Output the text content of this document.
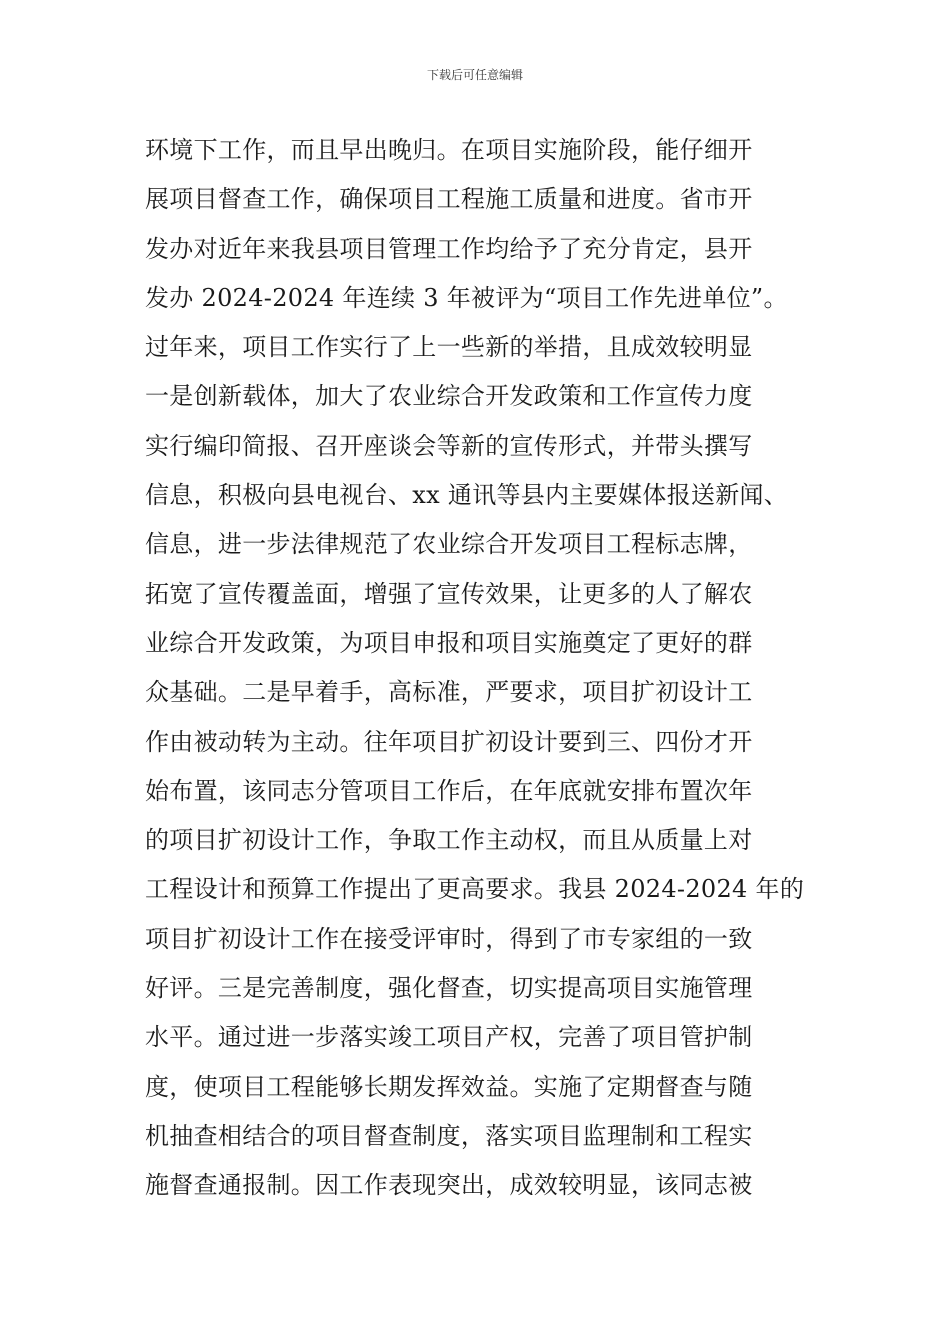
下载后可任意编辑
环境下工作，而且早出晚归。在项目实施阶段，能仔细开
展项目督查工作，确保项目工程施工质量和进度。省市开
发办对近年来我县项目管理工作均给予了充分肯定，县开
发办 2024-2024 年连续 3 年被评为“项目工作先进单位”。
过年来，项目工作实行了上一些新的举措，且成效较明显
一是创新载体，加大了农业综合开发政策和工作宣传力度
实行编印简报、召开座谈会等新的宣传形式，并带头撰写
信息，积极向县电视台、xx 通讯等县内主要媒体报送新闻、
信息，进一步法律规范了农业综合开发项目工程标志牌，
拓宽了宣传覆盖面，增强了宣传效果，让更多的人了解农
业综合开发政策，为项目申报和项目实施奠定了更好的群
众基础。二是早着手，高标准，严要求，项目扩初设计工
作由被动转为主动。往年项目扩初设计要到三、四份才开
始布置，该同志分管项目工作后，在年底就安排布置次年
的项目扩初设计工作，争取工作主动权，而且从质量上对
工程设计和预算工作提出了更高要求。我县 2024-2024 年的
项目扩初设计工作在接受评审时，得到了市专家组的一致
好评。三是完善制度，强化督查，切实提高项目实施管理
水平。通过进一步落实竣工项目产权，完善了项目管护制
度，使项目工程能够长期发挥效益。实施了定期督查与随
机抽查相结合的项目督查制度，落实项目监理制和工程实
施督查通报制。因工作表现突出，成效较明显，该同志被
